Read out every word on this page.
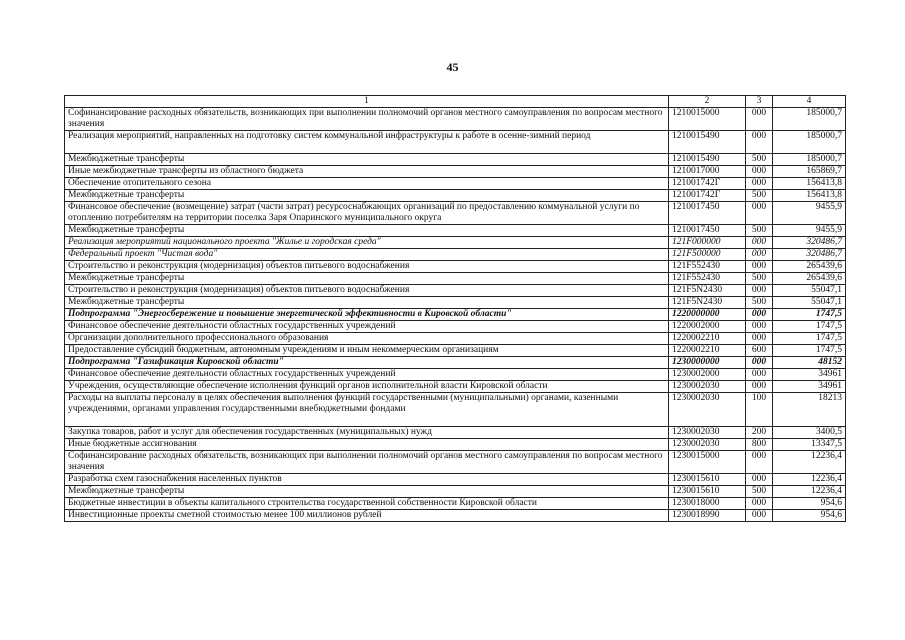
45
1	2	3	4
Софинансирование расходных обязательств, возникающих при выполнении полномочий органов местного самоуправления по вопросам местного значения	1210015000	000	185000,7
Реализация мероприятий, направленных на подготовку систем коммунальной инфраструктуры к работе в осенне-зимний период	1210015490	000	185000,7
Межбюджетные трансферты	1210015490	500	185000,7
Иные межбюджетные трансферты из областного бюджета	1210017000	000	165869,7
Обеспечение отопительного сезона	121001742Г	000	156413,8
Межбюджетные трансферты	121001742Г	500	156413,8
Финансовое обеспечение (возмещение) затрат (части затрат) ресурсоснабжающих организаций по предоставлению коммунальной услуги по отоплению потребителям на территории поселка Заря Опаринского муниципального округа	1210017450	000	9455,9
Межбюджетные трансферты	1210017450	500	9455,9
Реализация мероприятий национального проекта "Жилье и городская среда"	121F000000	000	320486,7
Федеральный проект "Чистая вода"	121F500000	000	320486,7
Строительство и реконструкция (модернизация) объектов питьевого водоснабжения	121F552430	000	265439,6
Межбюджетные трансферты	121F552430	500	265439,6
Строительство и реконструкция (модернизация) объектов питьевого водоснабжения	121F5N2430	000	55047,1
Межбюджетные трансферты	121F5N2430	500	55047,1
Подпрограмма "Энергосбережение и повышение энергетической эффективности в Кировской области"	1220000000	000	1747,5
Финансовое обеспечение деятельности областных государственных учреждений	1220002000	000	1747,5
Организации дополнительного профессионального образования	1220002210	000	1747,5
Предоставление субсидий бюджетным, автономным учреждениям и иным некоммерческим организациям	1220002210	600	1747,5
Подпрограмма "Газификация Кировской области"	1230000000	000	48152
Финансовое обеспечение деятельности областных государственных учреждений	1230002000	000	34961
Учреждения, осуществляющие обеспечение исполнения функций органов исполнительной власти Кировской области	1230002030	000	34961
Расходы на выплаты персоналу в целях обеспечения выполнения функций государственными (муниципальными) органами, казенными учреждениями, органами управления государственными внебюджетными фондами	1230002030	100	18213
Закупка товаров, работ и услуг для обеспечения государственных (муниципальных) нужд	1230002030	200	3400,5
Иные бюджетные ассигнования	1230002030	800	13347,5
Софинансирование расходных обязательств, возникающих при выполнении полномочий органов местного самоуправления по вопросам местного значения	1230015000	000	12236,4
Разработка схем газоснабжения населенных пунктов	1230015610	000	12236,4
Межбюджетные трансферты	1230015610	500	12236,4
Бюджетные инвестиции в объекты капитального строительства государственной собственности Кировской области	1230018000	000	954,6
Инвестиционные проекты сметной стоимостью менее 100 миллионов рублей	1230018990	000	954,6
